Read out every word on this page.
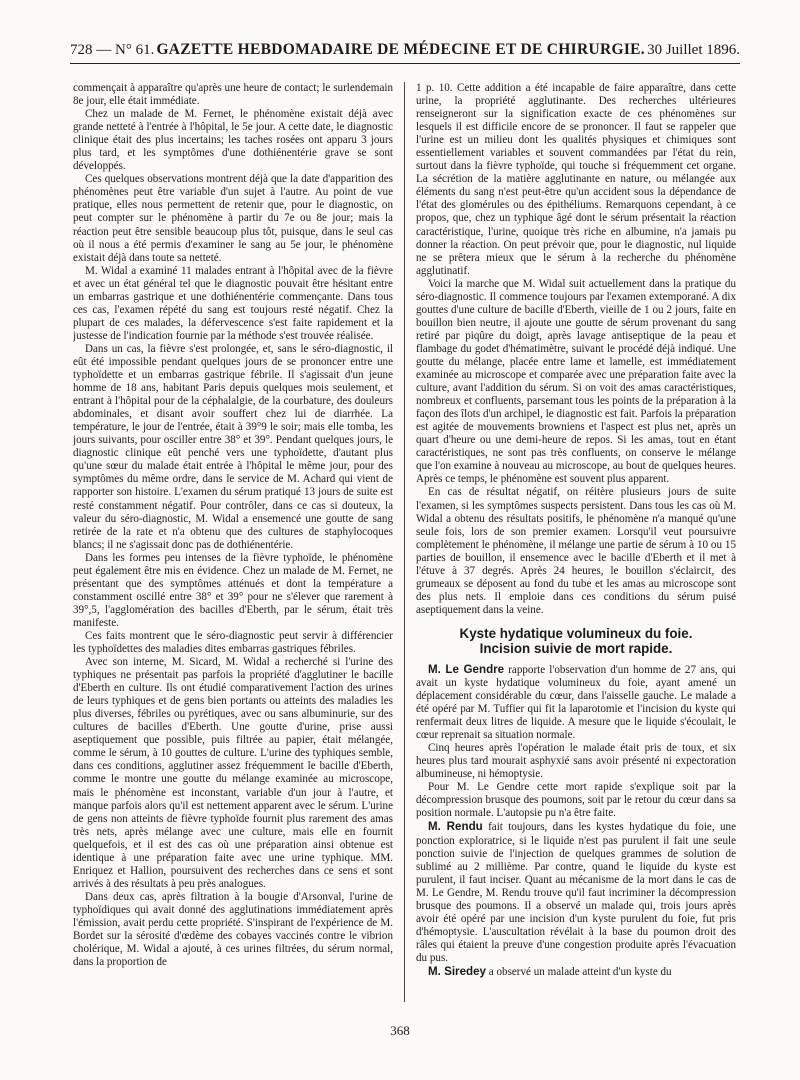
728 — N° 61. GAZETTE HEBDOMADAIRE DE MÉDECINE ET DE CHIRURGIE. 30 Juillet 1896.

commençait à apparaître qu'après une heure de contact; le surlendemain 8e jour, elle était immédiate.

Chez un malade de M. Fernet, le phénomène existait déjà avec grande netteté à l'entrée à l'hôpital, le 5e jour. A cette date, le diagnostic clinique était des plus incertains; les taches rosées ont apparu 3 jours plus tard, et les symptômes d'une dothiénentérie grave se sont développés.

Ces quelques observations montrent déjà que la date d'apparition des phénomènes peut être variable d'un sujet à l'autre. Au point de vue pratique, elles nous permettent de retenir que, pour le diagnostic, on peut compter sur le phénomène à partir du 7e ou 8e jour; mais la réaction peut être sensible beaucoup plus tôt, puisque, dans le seul cas où il nous a été permis d'examiner le sang au 5e jour, le phénomène existait déjà dans toute sa netteté.

M. Widal a examiné 11 malades entrant à l'hôpital avec de la fièvre et avec un état général tel que le diagnostic pouvait être hésitant entre un embarras gastrique et une dothiénentérie commençante. Dans tous ces cas, l'examen répété du sang est toujours resté négatif. Chez la plupart de ces malades, la défervescence s'est faite rapidement et la justesse de l'indication fournie par la méthode s'est trouvée réalisée.

Dans un cas, la fièvre s'est prolongée, et, sans le séro-diagnostic, il eût été impossible pendant quelques jours de se prononcer entre une typhoïdette et un embarras gastrique fébrile. Il s'agissait d'un jeune homme de 18 ans, habitant Paris depuis quelques mois seulement, et entrant à l'hôpital pour de la céphalalgie, de la courbature, des douleurs abdominales, et disant avoir souffert chez lui de diarrhée. La température, le jour de l'entrée, était à 39°9 le soir; mais elle tomba, les jours suivants, pour osciller entre 38° et 39°. Pendant quelques jours, le diagnostic clinique eût penché vers une typhoïdette, d'autant plus qu'une sœur du malade était entrée à l'hôpital le même jour, pour des symptômes du même ordre, dans le service de M. Achard qui vient de rapporter son histoire. L'examen du sérum pratiqué 13 jours de suite est resté constamment négatif. Pour contrôler, dans ce cas si douteux, la valeur du séro-diagnostic, M. Widal a ensemencé une goutte de sang retirée de la rate et n'a obtenu que des cultures de staphylocoques blancs; il ne s'agissait donc pas de dothiénentérie.

Dans les formes peu intenses de la fièvre typhoïde, le phénomène peut également être mis en évidence. Chez un malade de M. Fernet, ne présentant que des symptômes atténués et dont la température a constamment oscillé entre 38° et 39° pour ne s'élever que rarement à 39°,5, l'agglomération des bacilles d'Eberth, par le sérum, était très manifeste.

Ces faits montrent que le séro-diagnostic peut servir à différencier les typhoïdettes des maladies dites embarras gastriques fébriles.

Avec son interne, M. Sicard, M. Widal a recherché si l'urine des typhiques ne présentait pas parfois la propriété d'agglutiner le bacille d'Eberth en culture. Ils ont étudié comparativement l'action des urines de leurs typhiques et de gens bien portants ou atteints des maladies les plus diverses, fébriles ou pyrétiques, avec ou sans albuminurie, sur des cultures de bacilles d'Eberth. Une goutte d'urine, prise aussi aseptiquement que possible, puis filtrée au papier, était mélangée, comme le sérum, à 10 gouttes de culture. L'urine des typhiques semble, dans ces conditions, agglutiner assez fréquemment le bacille d'Eberth, comme le montre une goutte du mélange examinée au microscope, mais le phénomène est inconstant, variable d'un jour à l'autre, et manque parfois alors qu'il est nettement apparent avec le sérum. L'urine de gens non atteints de fièvre typhoïde fournit plus rarement des amas très nets, après mélange avec une culture, mais elle en fournit quelquefois, et il est des cas où une préparation ainsi obtenue est identique à une préparation faite avec une urine typhique. MM. Enriquez et Hallion, poursuivent des recherches dans ce sens et sont arrivés à des résultats à peu près analogues.

Dans deux cas, après filtration à la bougie d'Arsonval, l'urine de typhoïdiques qui avait donné des agglutinations immédiatement après l'émission, avait perdu cette propriété. S'inspirant de l'expérience de M. Bordet sur la sérosité d'œdème des cobayes vaccinés contre le vibrion cholérique, M. Widal a ajouté, à ces urines filtrées, du sérum normal, dans la proportion de

1 p. 10. Cette addition a été incapable de faire apparaître, dans cette urine, la propriété agglutinante. Des recherches ultérieures renseigneront sur la signification exacte de ces phénomènes sur lesquels il est difficile encore de se prononcer. Il faut se rappeler que l'urine est un milieu dont les qualités physiques et chimiques sont essentiellement variables et souvent commandées par l'état du rein, surtout dans la fièvre typhoïde, qui touche si fréquemment cet organe. La sécrétion de la matière agglutinante en nature, ou mélangée aux éléments du sang n'est peut-être qu'un accident sous la dépendance de l'état des glomérules ou des épithéliums. Remarquons cependant, à ce propos, que, chez un typhique âgé dont le sérum présentait la réaction caractéristique, l'urine, quoique très riche en albumine, n'a jamais pu donner la réaction. On peut prévoir que, pour le diagnostic, nul liquide ne se prêtera mieux que le sérum à la recherche du phénomène agglutinatif.

Voici la marche que M. Widal suit actuellement dans la pratique du séro-diagnostic. Il commence toujours par l'examen extemporané. A dix gouttes d'une culture de bacille d'Eberth, vieille de 1 ou 2 jours, faite en bouillon bien neutre, il ajoute une goutte de sérum provenant du sang retiré par piqûre du doigt, après lavage antiseptique de la peau et flambage du godet d'hématimètre, suivant le procédé déjà indiqué. Une goutte du mélange, placée entre lame et lamelle, est immédiatement examinée au microscope et comparée avec une préparation faite avec la culture, avant l'addition du sérum. Si on voit des amas caractéristiques, nombreux et confluents, parsemant tous les points de la préparation à la façon des îlots d'un archipel, le diagnostic est fait. Parfois la préparation est agitée de mouvements browniens et l'aspect est plus net, après un quart d'heure ou une demi-heure de repos. Si les amas, tout en étant caractéristiques, ne sont pas très confluents, on conserve le mélange que l'on examine à nouveau au microscope, au bout de quelques heures. Après ce temps, le phénomène est souvent plus apparent.

En cas de résultat négatif, on réitère plusieurs jours de suite l'examen, si les symptômes suspects persistent. Dans tous les cas où M. Widal a obtenu des résultats positifs, le phénomène n'a manqué qu'une seule fois, lors de son premier examen. Lorsqu'il veut poursuivre complètement le phénomène, il mélange une partie de sérum à 10 ou 15 parties de bouillon, il ensemence avec le bacille d'Eberth et il met à l'étuve à 37 degrés. Après 24 heures, le bouillon s'éclaircit, des grumeaux se déposent au fond du tube et les amas au microscope sont des plus nets. Il emploie dans ces conditions du sérum puisé aseptiquement dans la veine.

Kyste hydatique volumineux du foie.
Incision suivie de mort rapide.

M. Le Gendre rapporte l'observation d'un homme de 27 ans, qui avait un kyste hydatique volumineux du foie, ayant amené un déplacement considérable du cœur, dans l'aisselle gauche. Le malade a été opéré par M. Tuffier qui fit la laparotomie et l'incision du kyste qui renfermait deux litres de liquide. A mesure que le liquide s'écoulait, le cœur reprenait sa situation normale.

Cinq heures après l'opération le malade était pris de toux, et six heures plus tard mourait asphyxié sans avoir présenté ni expectoration albumineuse, ni hémoptysie.

Pour M. Le Gendre cette mort rapide s'explique soit par la décompression brusque des poumons, soit par le retour du cœur dans sa position normale. L'autopsie pu n'a être faite.

M. Rendu fait toujours, dans les kystes hydatique du foie, une ponction exploratrice, si le liquide n'est pas purulent il fait une seule ponction suivie de l'injection de quelques grammes de solution de sublimé au 2 millième. Par contre, quand le liquide du kyste est purulent, il faut inciser. Quant au mécanisme de la mort dans le cas de M. Le Gendre, M. Rendu trouve qu'il faut incriminer la décompression brusque des poumons. Il a observé un malade qui, trois jours après avoir été opéré par une incision d'un kyste purulent du foie, fut pris d'hémoptysie. L'auscultation révélait à la base du poumon droit des râles qui étaient la preuve d'une congestion produite après l'évacuation du pus.

M. Siredey a observé un malade atteint d'un kyste du

368
